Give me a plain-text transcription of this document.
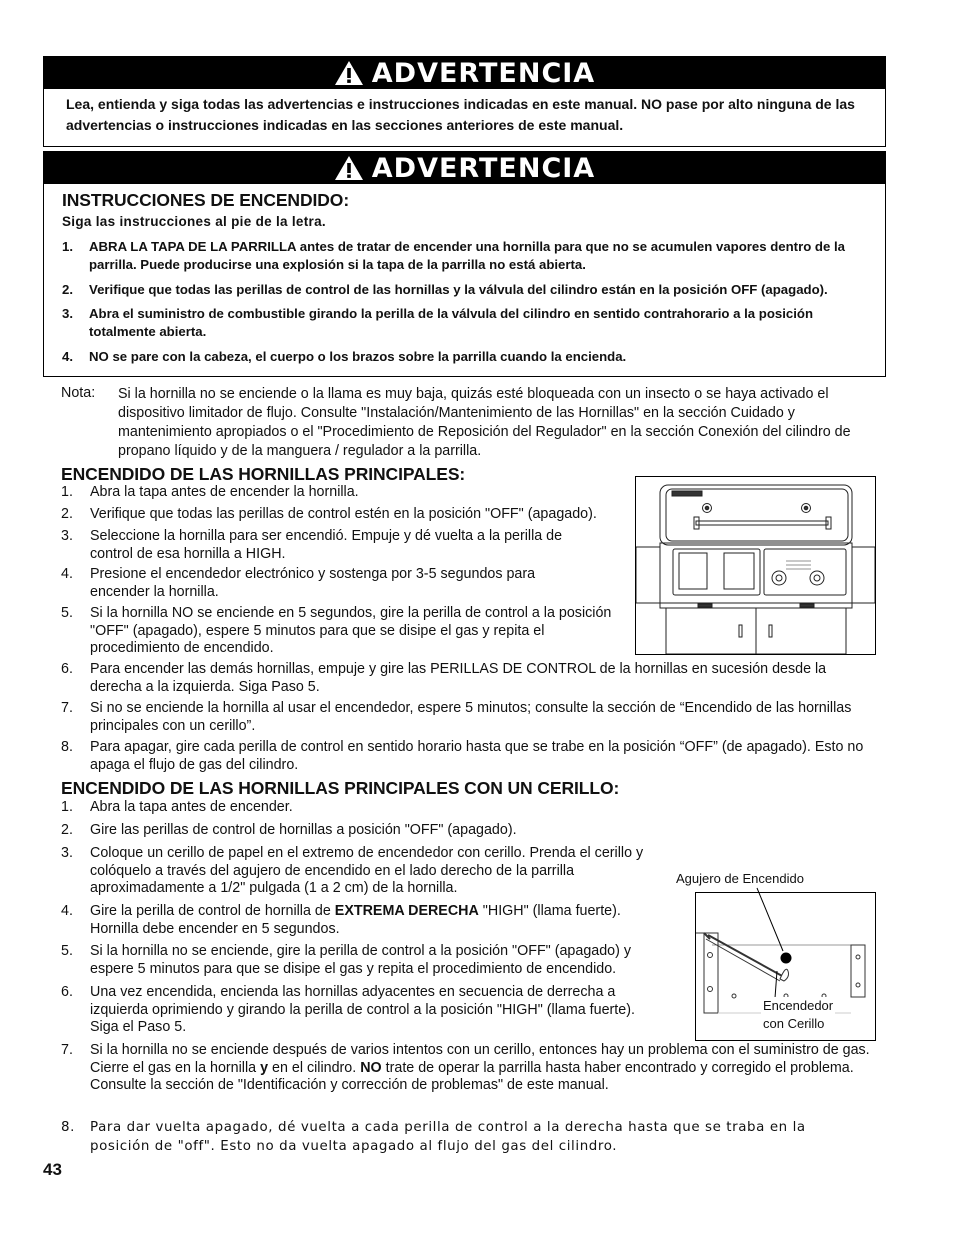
ADVERTENCIA
Lea, entienda y siga todas las advertencias e instrucciones indicadas en este manual. NO pase por alto ninguna de las advertencias o instrucciones indicadas en las secciones anteriores de este manual.
ADVERTENCIA
INSTRUCCIONES DE ENCENDIDO:
Siga las instrucciones al pie de la letra.
1. ABRA LA TAPA DE LA PARRILLA antes de tratar de encender una hornilla para que no se acumulen vapores dentro de la parrilla. Puede producirse una explosión si la tapa de la parrilla no está abierta.
2. Verifique que todas las perillas de control de las hornillas y la válvula del cilindro están en la posición OFF (apagado).
3. Abra el suministro de combustible girando la perilla de la válvula del cilindro en sentido contrahorario a la posición totalmente abierta.
4. NO se pare con la cabeza, el cuerpo o los brazos sobre la parrilla cuando la encienda.
Nota: Si la hornilla no se enciende o la llama es muy baja, quizás esté bloqueada con un insecto o se haya activado el dispositivo limitador de flujo. Consulte "Instalación/Mantenimiento de las Hornillas" en la sección Cuidado y mantenimiento apropiados o el "Procedimiento de Reposición del Regulador" en la sección Conexión del cilindro de propano líquido y de la manguera / regulador a la parrilla.
ENCENDIDO DE LAS HORNILLAS PRINCIPALES:
1. Abra la tapa antes de encender la hornilla.
2. Verifique que todas las perillas de control estén en la posición "OFF" (apagado).
3. Seleccione la hornilla para ser encendió. Empuje y dé vuelta a la perilla de control de esa hornilla a HIGH.
4. Presione el encendedor electrónico y sostenga por 3-5 segundos para encender la hornilla.
5. Si la hornilla NO se enciende en 5 segundos, gire la perilla de control a la posición "OFF" (apagado), espere 5 minutos para que se disipe el gas y repita el procedimiento de encendido.
6. Para encender las demás hornillas, empuje y gire las PERILLAS DE CONTROL de la hornillas en sucesión desde la derecha a la izquierda. Siga Paso 5.
7. Si no se enciende la hornilla al usar el encendedor, espere 5 minutos; consulte la sección de “Encendido de las hornillas principales con un cerillo”.
8. Para apagar, gire cada perilla de control en sentido horario hasta que se trabe en la posición “OFF” (de apagado). Esto no apaga el flujo de gas del cilindro.
ENCENDIDO DE LAS HORNILLAS PRINCIPALES CON UN CERILLO:
1. Abra la tapa antes de encender.
2. Gire las perillas de control de hornillas a posición "OFF" (apagado).
3. Coloque un cerillo de papel en el extremo de encendedor con cerillo. Prenda el cerillo y colóquelo a través del agujero de encendido en el lado derecho de la parrilla aproximadamente a 1/2" pulgada (1 a 2 cm) de la hornilla.
4. Gire la perilla de control de hornilla de EXTREMA DERECHA "HIGH" (llama fuerte). Hornilla debe encender en 5 segundos.
5. Si la hornilla no se enciende, gire la perilla de control a la posición "OFF" (apagado) y espere 5 minutos para que se disipe el gas y repita el procedimiento de encendido.
6. Una vez encendida, encienda las hornillas adyacentes en secuencia de derrecha a izquierda oprimiendo y girando la perilla de control a la posición "HIGH" (llama fuerte). Siga el Paso 5.
7. Si la hornilla no se enciende después de varios intentos con un cerillo, entonces hay un problema con el suministro de gas. Cierre el gas en la hornilla y en el cilindro. NO trate de operar la parrilla hasta haber encontrado y corregido el problema. Consulte la sección de "Identificación y corrección de problemas" de este manual.
8. Para dar vuelta apagado, dé vuelta a cada perilla de control a la derecha hasta que se traba en la posición de "off". Esto no da vuelta apagado al flujo del gas del cilindro.
Agujero de Encendido
Encendedor
con Cerillo
43
